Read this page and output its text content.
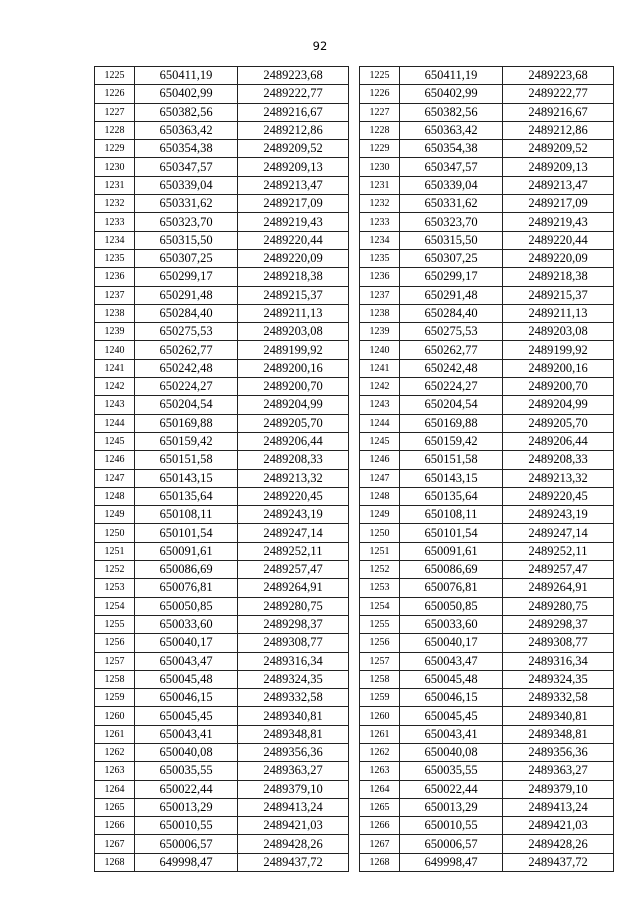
92
1225	650411,19	2489223,68
1226	650402,99	2489222,77
1227	650382,56	2489216,67
1228	650363,42	2489212,86
1229	650354,38	2489209,52
1230	650347,57	2489209,13
1231	650339,04	2489213,47
1232	650331,62	2489217,09
1233	650323,70	2489219,43
1234	650315,50	2489220,44
1235	650307,25	2489220,09
1236	650299,17	2489218,38
1237	650291,48	2489215,37
1238	650284,40	2489211,13
1239	650275,53	2489203,08
1240	650262,77	2489199,92
1241	650242,48	2489200,16
1242	650224,27	2489200,70
1243	650204,54	2489204,99
1244	650169,88	2489205,70
1245	650159,42	2489206,44
1246	650151,58	2489208,33
1247	650143,15	2489213,32
1248	650135,64	2489220,45
1249	650108,11	2489243,19
1250	650101,54	2489247,14
1251	650091,61	2489252,11
1252	650086,69	2489257,47
1253	650076,81	2489264,91
1254	650050,85	2489280,75
1255	650033,60	2489298,37
1256	650040,17	2489308,77
1257	650043,47	2489316,34
1258	650045,48	2489324,35
1259	650046,15	2489332,58
1260	650045,45	2489340,81
1261	650043,41	2489348,81
1262	650040,08	2489356,36
1263	650035,55	2489363,27
1264	650022,44	2489379,10
1265	650013,29	2489413,24
1266	650010,55	2489421,03
1267	650006,57	2489428,26
1268	649998,47	2489437,72
1225	650411,19	2489223,68
1226	650402,99	2489222,77
1227	650382,56	2489216,67
1228	650363,42	2489212,86
1229	650354,38	2489209,52
1230	650347,57	2489209,13
1231	650339,04	2489213,47
1232	650331,62	2489217,09
1233	650323,70	2489219,43
1234	650315,50	2489220,44
1235	650307,25	2489220,09
1236	650299,17	2489218,38
1237	650291,48	2489215,37
1238	650284,40	2489211,13
1239	650275,53	2489203,08
1240	650262,77	2489199,92
1241	650242,48	2489200,16
1242	650224,27	2489200,70
1243	650204,54	2489204,99
1244	650169,88	2489205,70
1245	650159,42	2489206,44
1246	650151,58	2489208,33
1247	650143,15	2489213,32
1248	650135,64	2489220,45
1249	650108,11	2489243,19
1250	650101,54	2489247,14
1251	650091,61	2489252,11
1252	650086,69	2489257,47
1253	650076,81	2489264,91
1254	650050,85	2489280,75
1255	650033,60	2489298,37
1256	650040,17	2489308,77
1257	650043,47	2489316,34
1258	650045,48	2489324,35
1259	650046,15	2489332,58
1260	650045,45	2489340,81
1261	650043,41	2489348,81
1262	650040,08	2489356,36
1263	650035,55	2489363,27
1264	650022,44	2489379,10
1265	650013,29	2489413,24
1266	650010,55	2489421,03
1267	650006,57	2489428,26
1268	649998,47	2489437,72
